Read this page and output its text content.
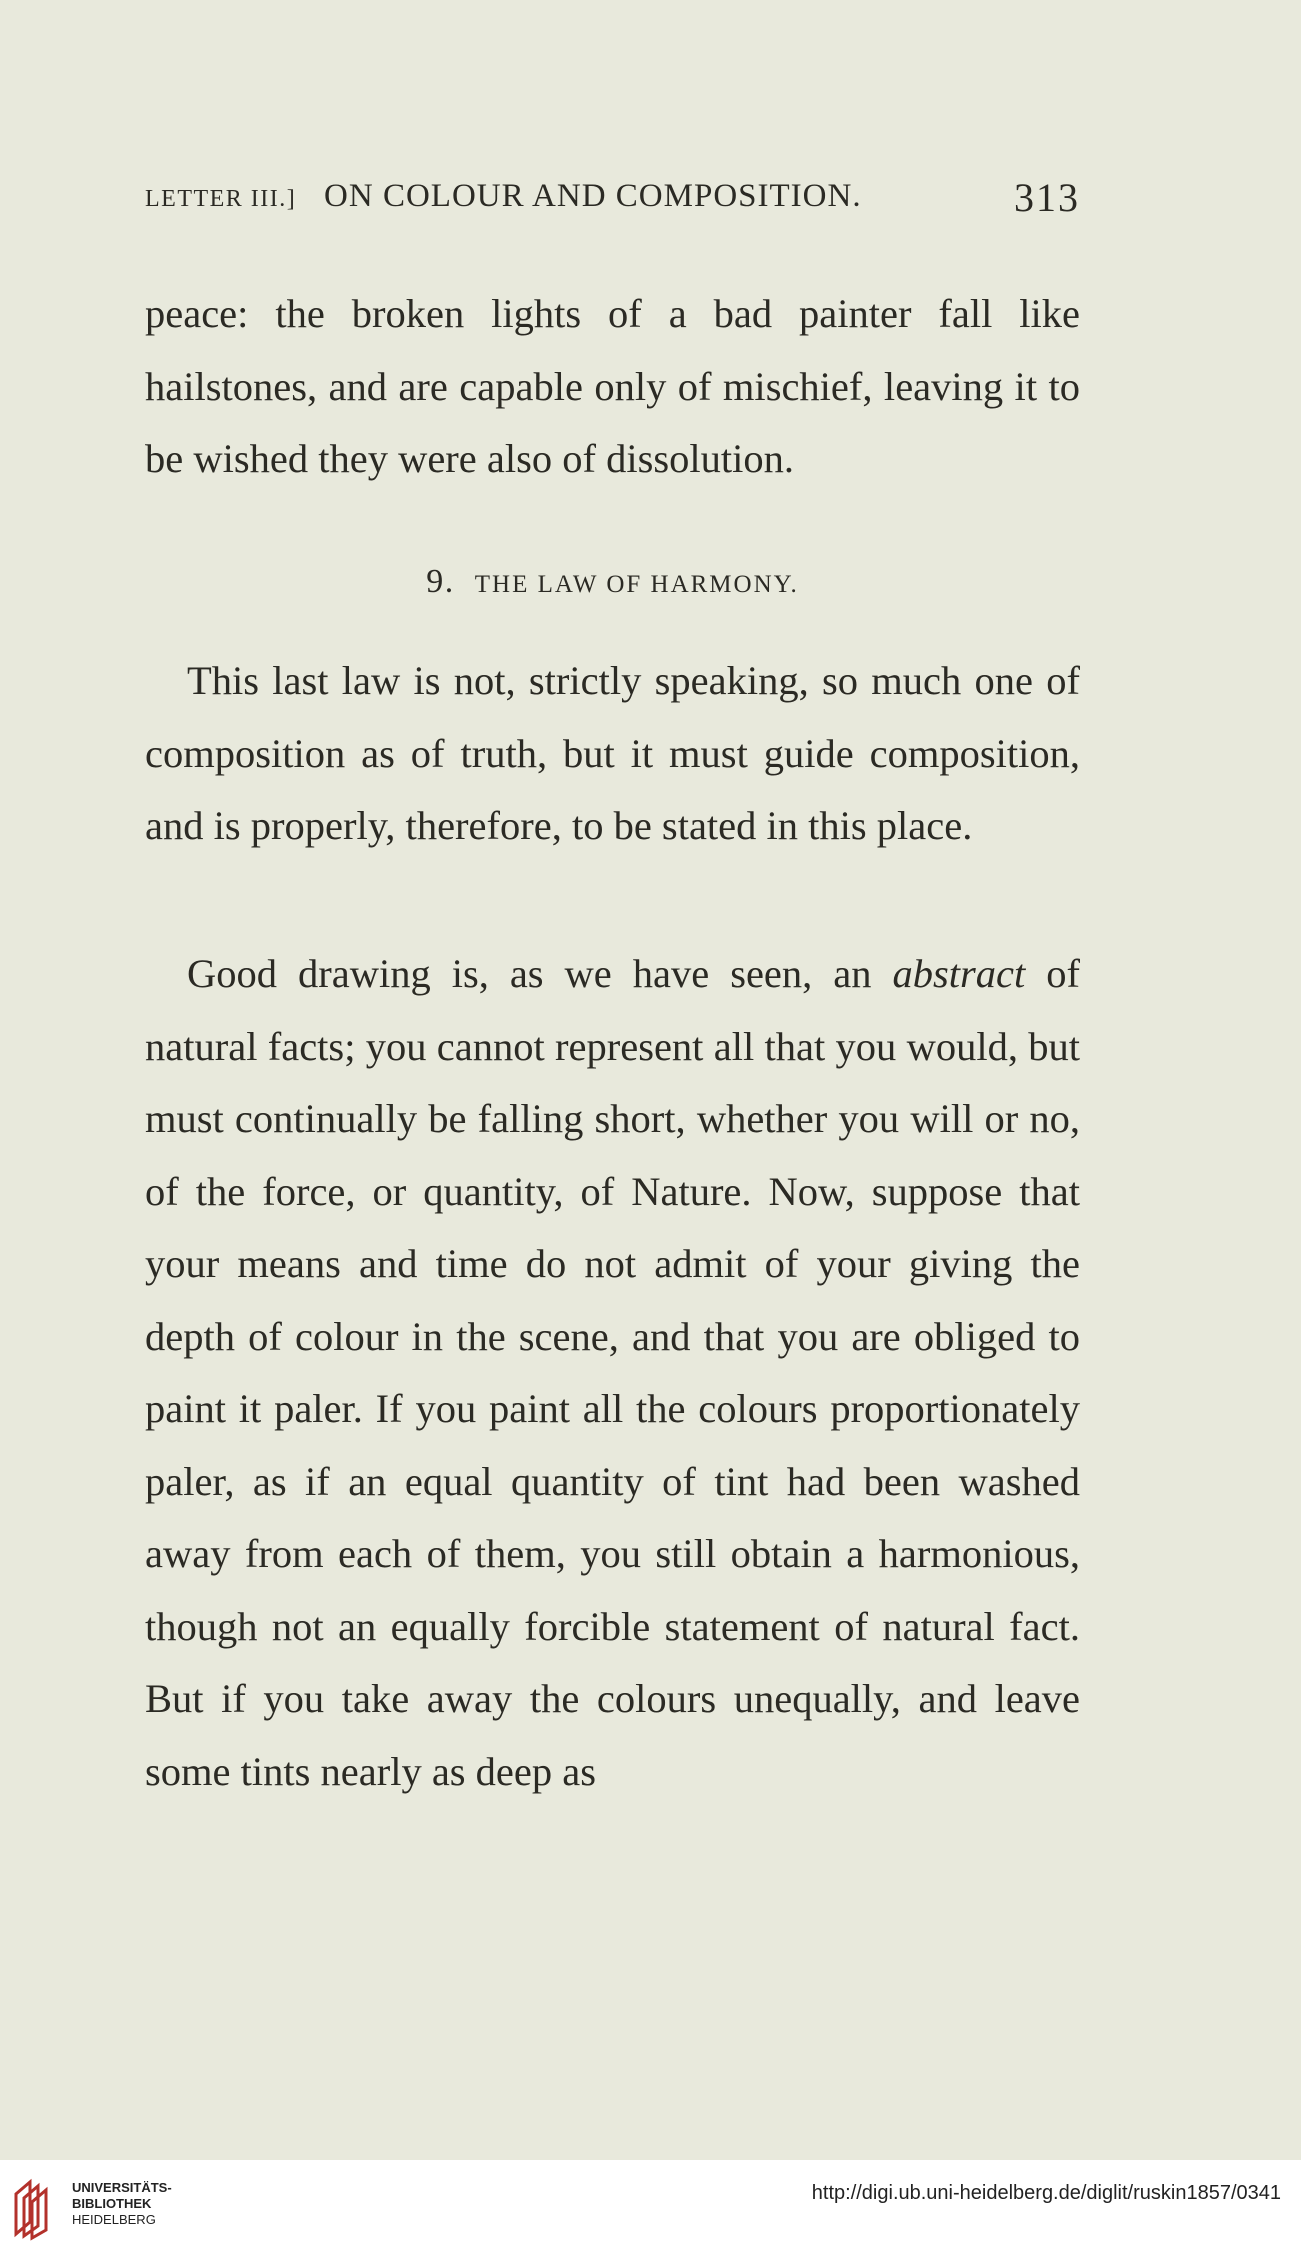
LETTER III.] ON COLOUR AND COMPOSITION.	313

peace: the broken lights of a bad painter fall like hailstones, and are capable only of mischief, leaving it to be wished they were also of dissolution.

9. THE LAW OF HARMONY.

This last law is not, strictly speaking, so much one of composition as of truth, but it must guide composition, and is properly, therefore, to be stated in this place.

Good drawing is, as we have seen, an abstract of natural facts; you cannot represent all that you would, but must continually be falling short, whether you will or no, of the force, or quantity, of Nature. Now, suppose that your means and time do not admit of your giving the depth of colour in the scene, and that you are obliged to paint it paler. If you paint all the colours proportionately paler, as if an equal quantity of tint had been washed away from each of them, you still obtain a harmonious, though not an equally forcible statement of natural fact. But if you take away the colours unequally, and leave some tints nearly as deep as

UNIVERSITÄTS-
BIBLIOTHEK
HEIDELBERG
http://digi.ub.uni-heidelberg.de/diglit/ruskin1857/0341
